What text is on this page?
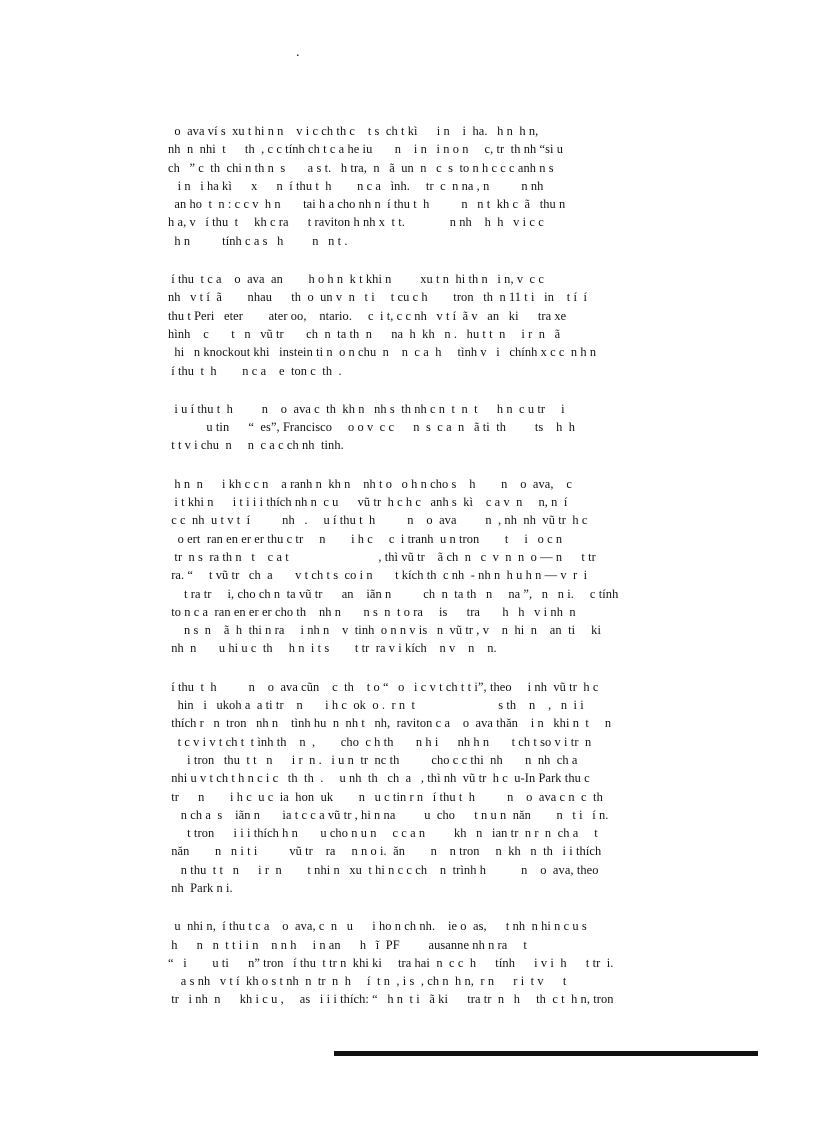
.
o  ava ví s  xu t hi n n    v i c ch th c    t s  ch t kì      i n    i  ha.   h n  h n,
nh  n  nhi  t      th  , c c tính ch t c a he iu       n    i n   i n o n     c, tr  th nh “si u
ch   ” c  th  chi n th n  s       a s t.   h tra,  n   ã  un  n   c  s  to n h c c c anh n s
i n   i ha kì      x      n  í thu t  h        n c a   ình.     tr  c  n na , n          n nh
an ho  t  n : c c v  h n       tai h a cho nh n  í thu t  h          n   n t  kh c  ã   thu n
h a, v   í thu  t     kh c ra      t raviton h nh x  t t.              n nh    h  h   v i c c
h n          tính c a s   h         n   n t .
í thu  t c a    o  ava  an        h o h n  k t khi n         xu t n  hi th n   i n, v  c c
nh   v t í  ã        nhau      th  o  un v  n   t i     t cu c h        tron   th  n 11 t i   in    t í  í
thu t Peri   eter        ater oo,    ntario.     c  i t, c c nh   v t í  ã v   an   ki      tra xe
hình    c       t   n   vũ tr       ch  n  ta th  n      na  h  kh   n .   hu t t  n     i r  n   ã
hi   n knockout khi   instein ti n  o n chu  n    n  c a  h     tình v   i   chính x c c  n h n
í thu  t  h        n c a    e  ton c  th  .
i u í thu t  h         n    o  ava c  th  kh n   nh s  th nh c n  t  n  t      h n  c u tr     i
u tin      “  es”, Francisco     o o v  c c      n  s  c a  n   ã ti  th         ts    h  h
t t v i chu  n     n  c a c ch nh  tinh.
h n  n      i kh c c n    a ranh n  kh n    nh t o   o h n cho s    h        n    o  ava,    c
i t khi n      i t i i i thích nh n  c u      vũ tr  h c h c   anh s  kì    c a v  n     n, n  í
c c  nh  u t v t  í          nh   .     u í thu t  h          n    o  ava         n  , nh  nh  vũ tr  h c
o ert  ran en er er thu c tr     n        i h c     c  i tranh  u n tron        t     i   o c n
tr  n s  ra th n   t    c a t                            , thì vũ tr    ã ch  n   c  v  n  n  o — n      t tr
ra. “     t vũ tr   ch  a       v t ch t s  co i n       t kích th  c nh  - nh n  h u h n — v  r  i
t ra tr     i, cho ch n  ta vũ tr      an    iãn n          ch  n  ta th   n     na ”,   n   n i.     c tính
to n c a  ran en er er cho th    nh n       n s  n  t o ra     is      tra       h   h   v i nh  n
n s  n    ã  h  thi n ra     i nh n    v  tinh  o n n v is   n  vũ tr , v    n  hi  n    an  ti     ki
nh  n       u hi u c  th     h n  i t s        t tr  ra v i kích    n v    n    n.
í thu  t  h          n    o  ava cũn    c  th    t o “   o   i c v t ch t t i”, theo     i nh  vũ tr  h c
hin   i   ukoh a  a ti tr    n       i h c  ok  o .  r n  t                          s th    n    ,   n  i i
thích r   n  tron   nh n    tình hu  n  nh t   nh,  raviton c a    o  ava thăn    i n   khi n  t     n
t c v i v t ch t  t ình th    n  ,        cho  c h th       n h i      nh h n       t ch t so v i tr  n
i tron   thu  t t   n      i r  n .   i u n  tr  nc th          cho c c thi  nh       n  nh  ch a
nhi u v t ch t h n c i c   th  th  .     u nh  th   ch  a   , thì nh  vũ tr  h c  u-In Park thu c
tr      n        i h c  u c  ia  hon  uk        n   u c tin r n   í thu t  h          n    o  ava c n  c  th
n ch a  s    iãn n       ia t c c a vũ tr , hi n na         u  cho      t n u n  năn        n   t i   í n.
t tron      i i i thích h n       u cho n u n     c c a n         kh   n   ian tr  n r  n  ch a     t
năn        n   n i t i          vũ tr    ra     n n o i.  ăn        n    n tron     n  kh   n  th   i i thích
n thu  t t   n      i r  n        t nhi n   xu  t hi n c c ch    n  trình h           n    o  ava, theo
nh  Park n i.
u  nhi n,  í thu t c a    o  ava, c  n   u      i ho n ch nh.    ie o  as,      t nh  n hi n c u s
h      n   n  t t i i n    n n h     i n an      h   ĩ  PF         ausanne nh n ra     t
“   i        u ti      n” tron   í thu  t tr n  khi ki     tra hai  n  c c  h      tính      i v i  h      t tr  i.
a s nh   v t í  kh o s t nh  n  tr  n  h     í  t n  , i s  , ch n  h n,  r n      r i  t v      t
tr   i nh  n      kh i c u ,     as   i i i thích: “   h n  t i   ã ki      tra tr  n   h     th  c t  h n, tron
